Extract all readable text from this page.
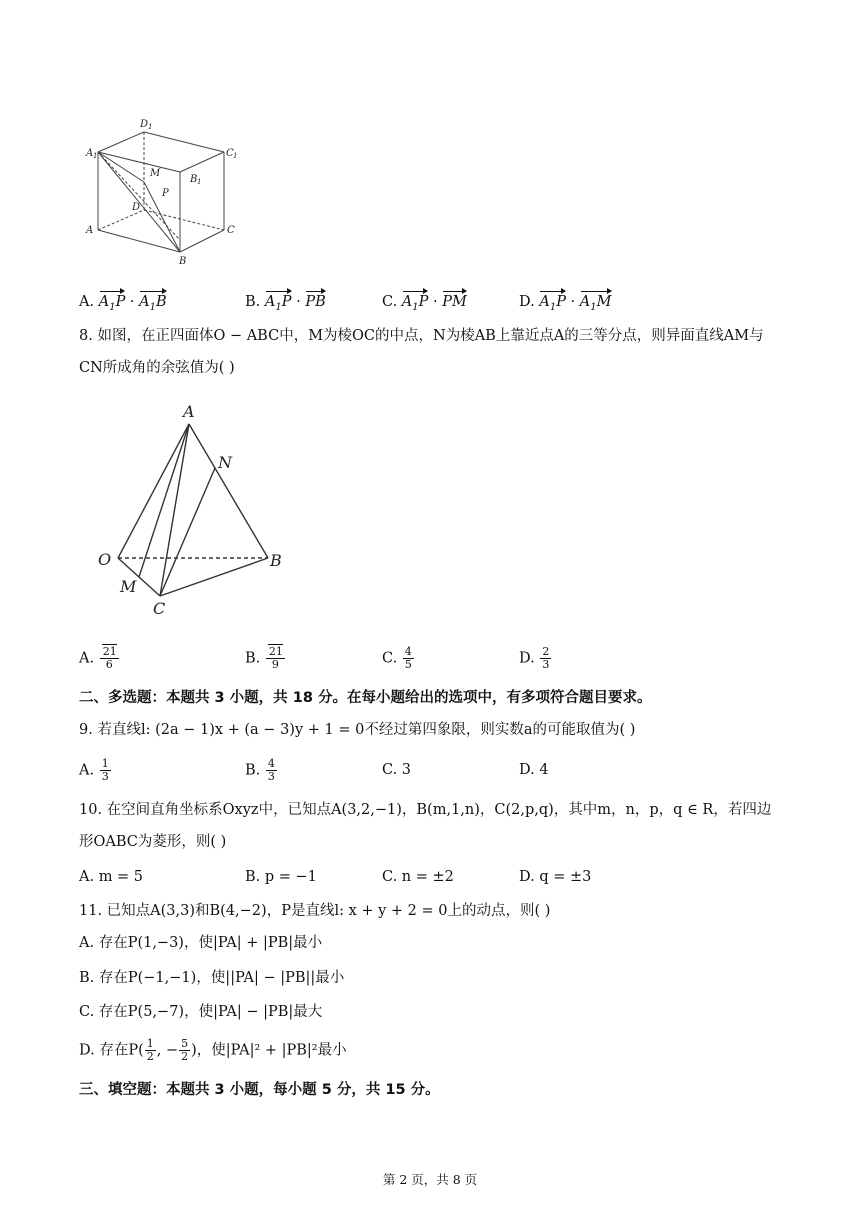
D 1
A 1	C 1
B 1
M
P
D
A	C
B
A. $A_1P \cdot A_1B$	B. $A_1P$ · PB	C. $A_1P$ · PM	D. $A_1P \cdot A_1M$
8. 如图，在正四面体O − ABC中，M为棱OC的中点，N为棱AB上靠近点A的三等分点，则异面直线AM与
CN所成角的余弦值为( )
A
N
O	B
M
C
A. $\frac{21}{6}$	B. $\frac{21}{9}$	C. $\frac{4}{5}$	D. $\frac{2}{3}$
二、多选题：本题共 3 小题，共 18 分。在每小题给出的选项中，有多项符合题目要求。
9. 若直线l: (2a − 1)x + (a − 3)y + 1 = 0不经过第四象限，则实数a的可能取值为( )
A. $\frac{1}{3}$	B. $\frac{4}{3}$	C. 3	D. 4
10. 在空间直角坐标系Oxyz中，已知点A(3,2,−1)，B(m,1,n)，C(2,p,q)，其中m，n，p，q ∈ R，若四边
形OABC为菱形，则( )
A. m = 5	B. p = −1	C. n = ±2	D. q = ±3
11. 已知点A(3,3)和B(4,−2)，P是直线l: x + y + 2 = 0上的动点，则( )
A. 存在P(1,−3)，使|PA| + |PB|最小
B. 存在P(−1,−1)，使||PA| − |PB||最小
C. 存在P(5,−7)，使|PA| − |PB|最大
D. 存在$P( \frac{1}{2}$ , − $\frac{5}{2}$ )，使|PA|² + |PB|²最小
三、填空题：本题共 3 小题，每小题 5 分，共 15 分。
第 2 页，共 8 页
